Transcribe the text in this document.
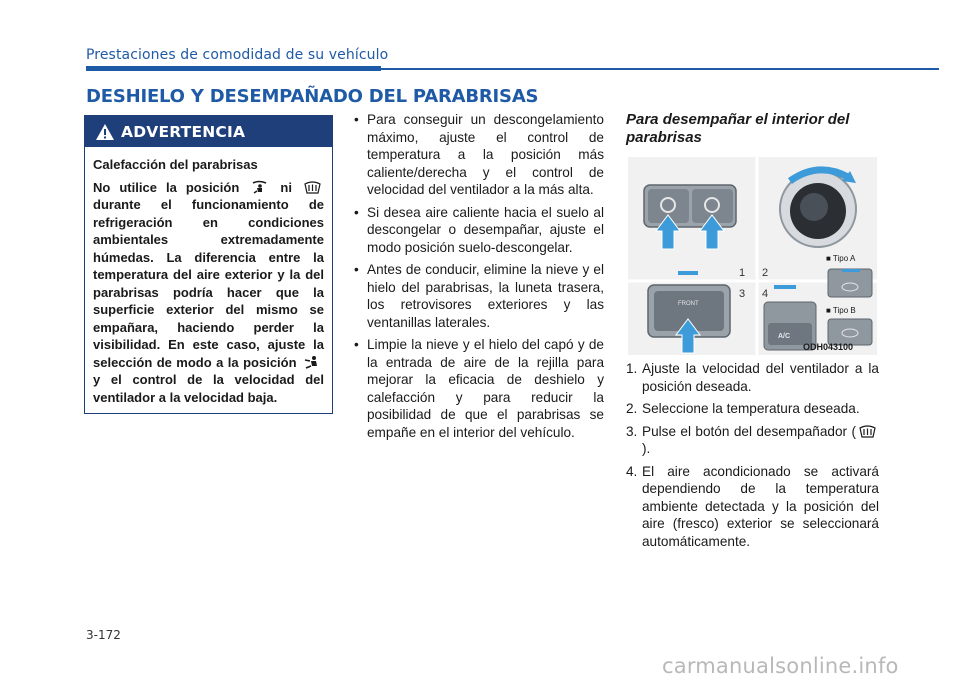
Prestaciones de comodidad de su vehículo
DESHIELO Y DESEMPAÑADO DEL PARABRISAS
ADVERTENCIA
Calefacción del parabrisas
No utilice la posición	ni  durante el funcionamiento de refrigeración en condiciones ambientales extremadamente húmedas. La diferencia entre la temperatura del aire exterior y la del parabrisas podría hacer que la superficie exterior del mismo se empañara, haciendo perder la visibilidad. En este caso, ajuste la selección de modo a la posición  y el control de la velocidad del ventilador a la velocidad baja.
• Para conseguir un descongelamiento máximo, ajuste el control de temperatura a la posición más caliente/derecha y el control de velocidad del ventilador a la más alta.
• Si desea aire caliente hacia el suelo al descongelar o desempañar, ajuste el modo posición suelo-descongelar.
• Antes de conducir, elimine la nieve y el hielo del parabrisas, la luneta trasera, los retrovisores exteriores y las ventanillas laterales.
• Limpie la nieve y el hielo del capó y de la entrada de aire de la rejilla para mejorar la eficacia de deshielo y calefacción y para reducir la posibilidad de que el parabrisas se empañe en el interior del vehículo.
Para desempañar el interior del parabrisas
1 2
3 4
FRONT
A/C
■ Tipo A
■ Tipo B
ODH043100
1. Ajuste la velocidad del ventilador a la posición deseada.
2. Seleccione la temperatura deseada.
3. Pulse el botón del desempañador ().
4. El aire acondicionado se activará dependiendo de la temperatura ambiente detectada y la posición del aire (fresco) exterior se seleccionará automáticamente.
3-172
carmanualsonline.info
